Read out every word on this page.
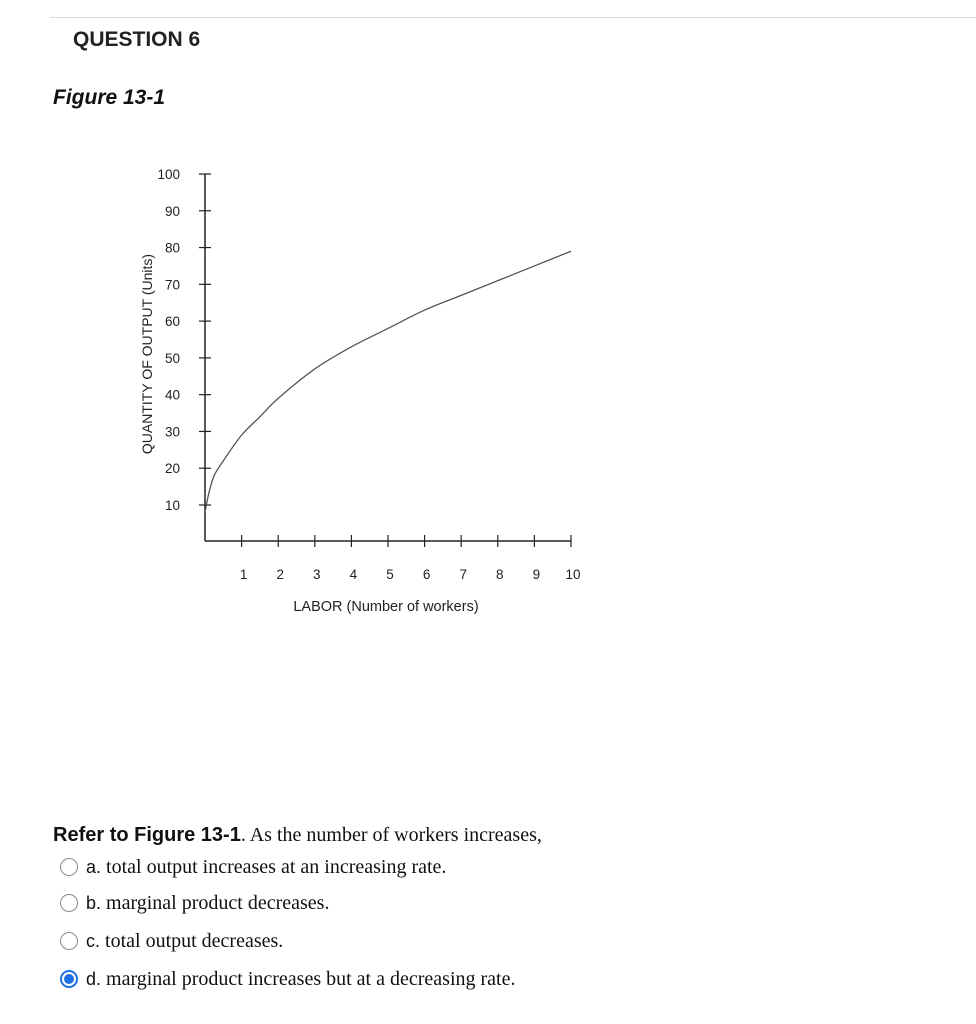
QUESTION 6
Figure 13-1
10
20
30
40
50
60
70
80
90
100
1 2 3 4 5 6 7 8 9 10
LABOR (Number of workers)
QUANTITY OF OUTPUT (Units)
Refer to Figure 13-1. As the number of workers increases,
a. total output increases at an increasing rate.
b. marginal product decreases.
c. total output decreases.
d. marginal product increases but at a decreasing rate.
